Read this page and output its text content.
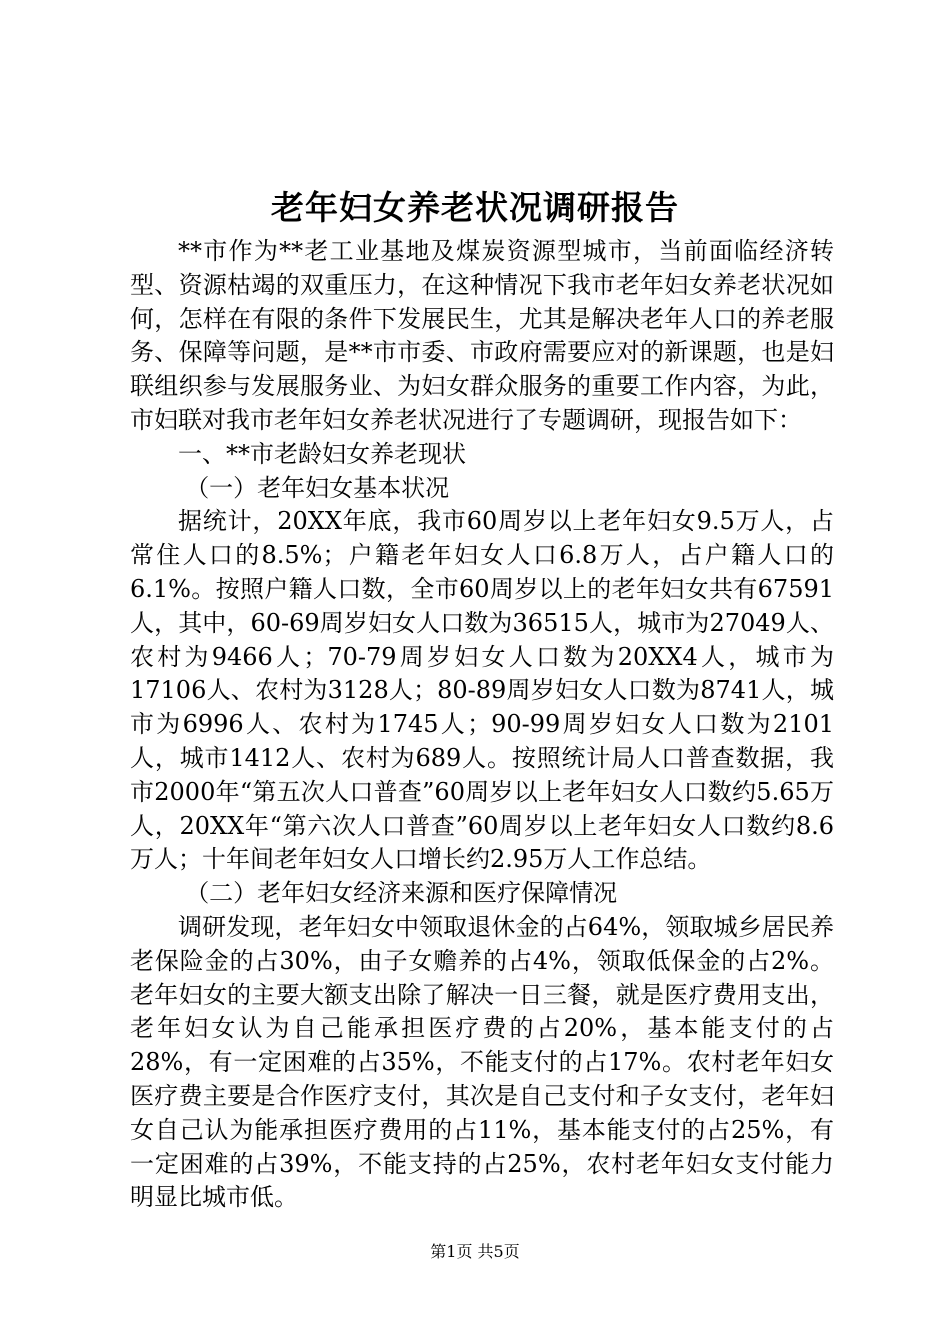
老年妇女养老状况调研报告

**市作为**老工业基地及煤炭资源型城市，当前面临经济转型、资源枯竭的双重压力，在这种情况下我市老年妇女养老状况如何，怎样在有限的条件下发展民生，尤其是解决老年人口的养老服务、保障等问题，是**市市委、市政府需要应对的新课题，也是妇联组织参与发展服务业、为妇女群众服务的重要工作内容，为此，市妇联对我市老年妇女养老状况进行了专题调研，现报告如下：

一、**市老龄妇女养老现状

（一）老年妇女基本状况

据统计，20XX年底，我市60周岁以上老年妇女9.5万人，占常住人口的8.5%；户籍老年妇女人口6.8万人，占户籍人口的6.1%。按照户籍人口数，全市60周岁以上的老年妇女共有67591人，其中，60-69周岁妇女人口数为36515人，城市为27049人、农村为9466人；70-79周岁妇女人口数为20XX4人，城市为17106人、农村为3128人；80-89周岁妇女人口数为8741人，城市为6996人、农村为1745人；90-99周岁妇女人口数为2101人，城市1412人、农村为689人。按照统计局人口普查数据，我市2000年“第五次人口普查”60周岁以上老年妇女人口数约5.65万人，20XX年“第六次人口普查”60周岁以上老年妇女人口数约8.6万人；十年间老年妇女人口增长约2.95万人工作总结。

（二）老年妇女经济来源和医疗保障情况

调研发现，老年妇女中领取退休金的占64%，领取城乡居民养老保险金的占30%，由子女赡养的占4%，领取低保金的占2%。老年妇女的主要大额支出除了解决一日三餐，就是医疗费用支出，老年妇女认为自己能承担医疗费的占20%，基本能支付的占28%，有一定困难的占35%，不能支付的占17%。农村老年妇女医疗费主要是合作医疗支付，其次是自己支付和子女支付，老年妇女自己认为能承担医疗费用的占11%，基本能支付的占25%，有一定困难的占39%，不能支持的占25%，农村老年妇女支付能力明显比城市低。

第1页 共5页
